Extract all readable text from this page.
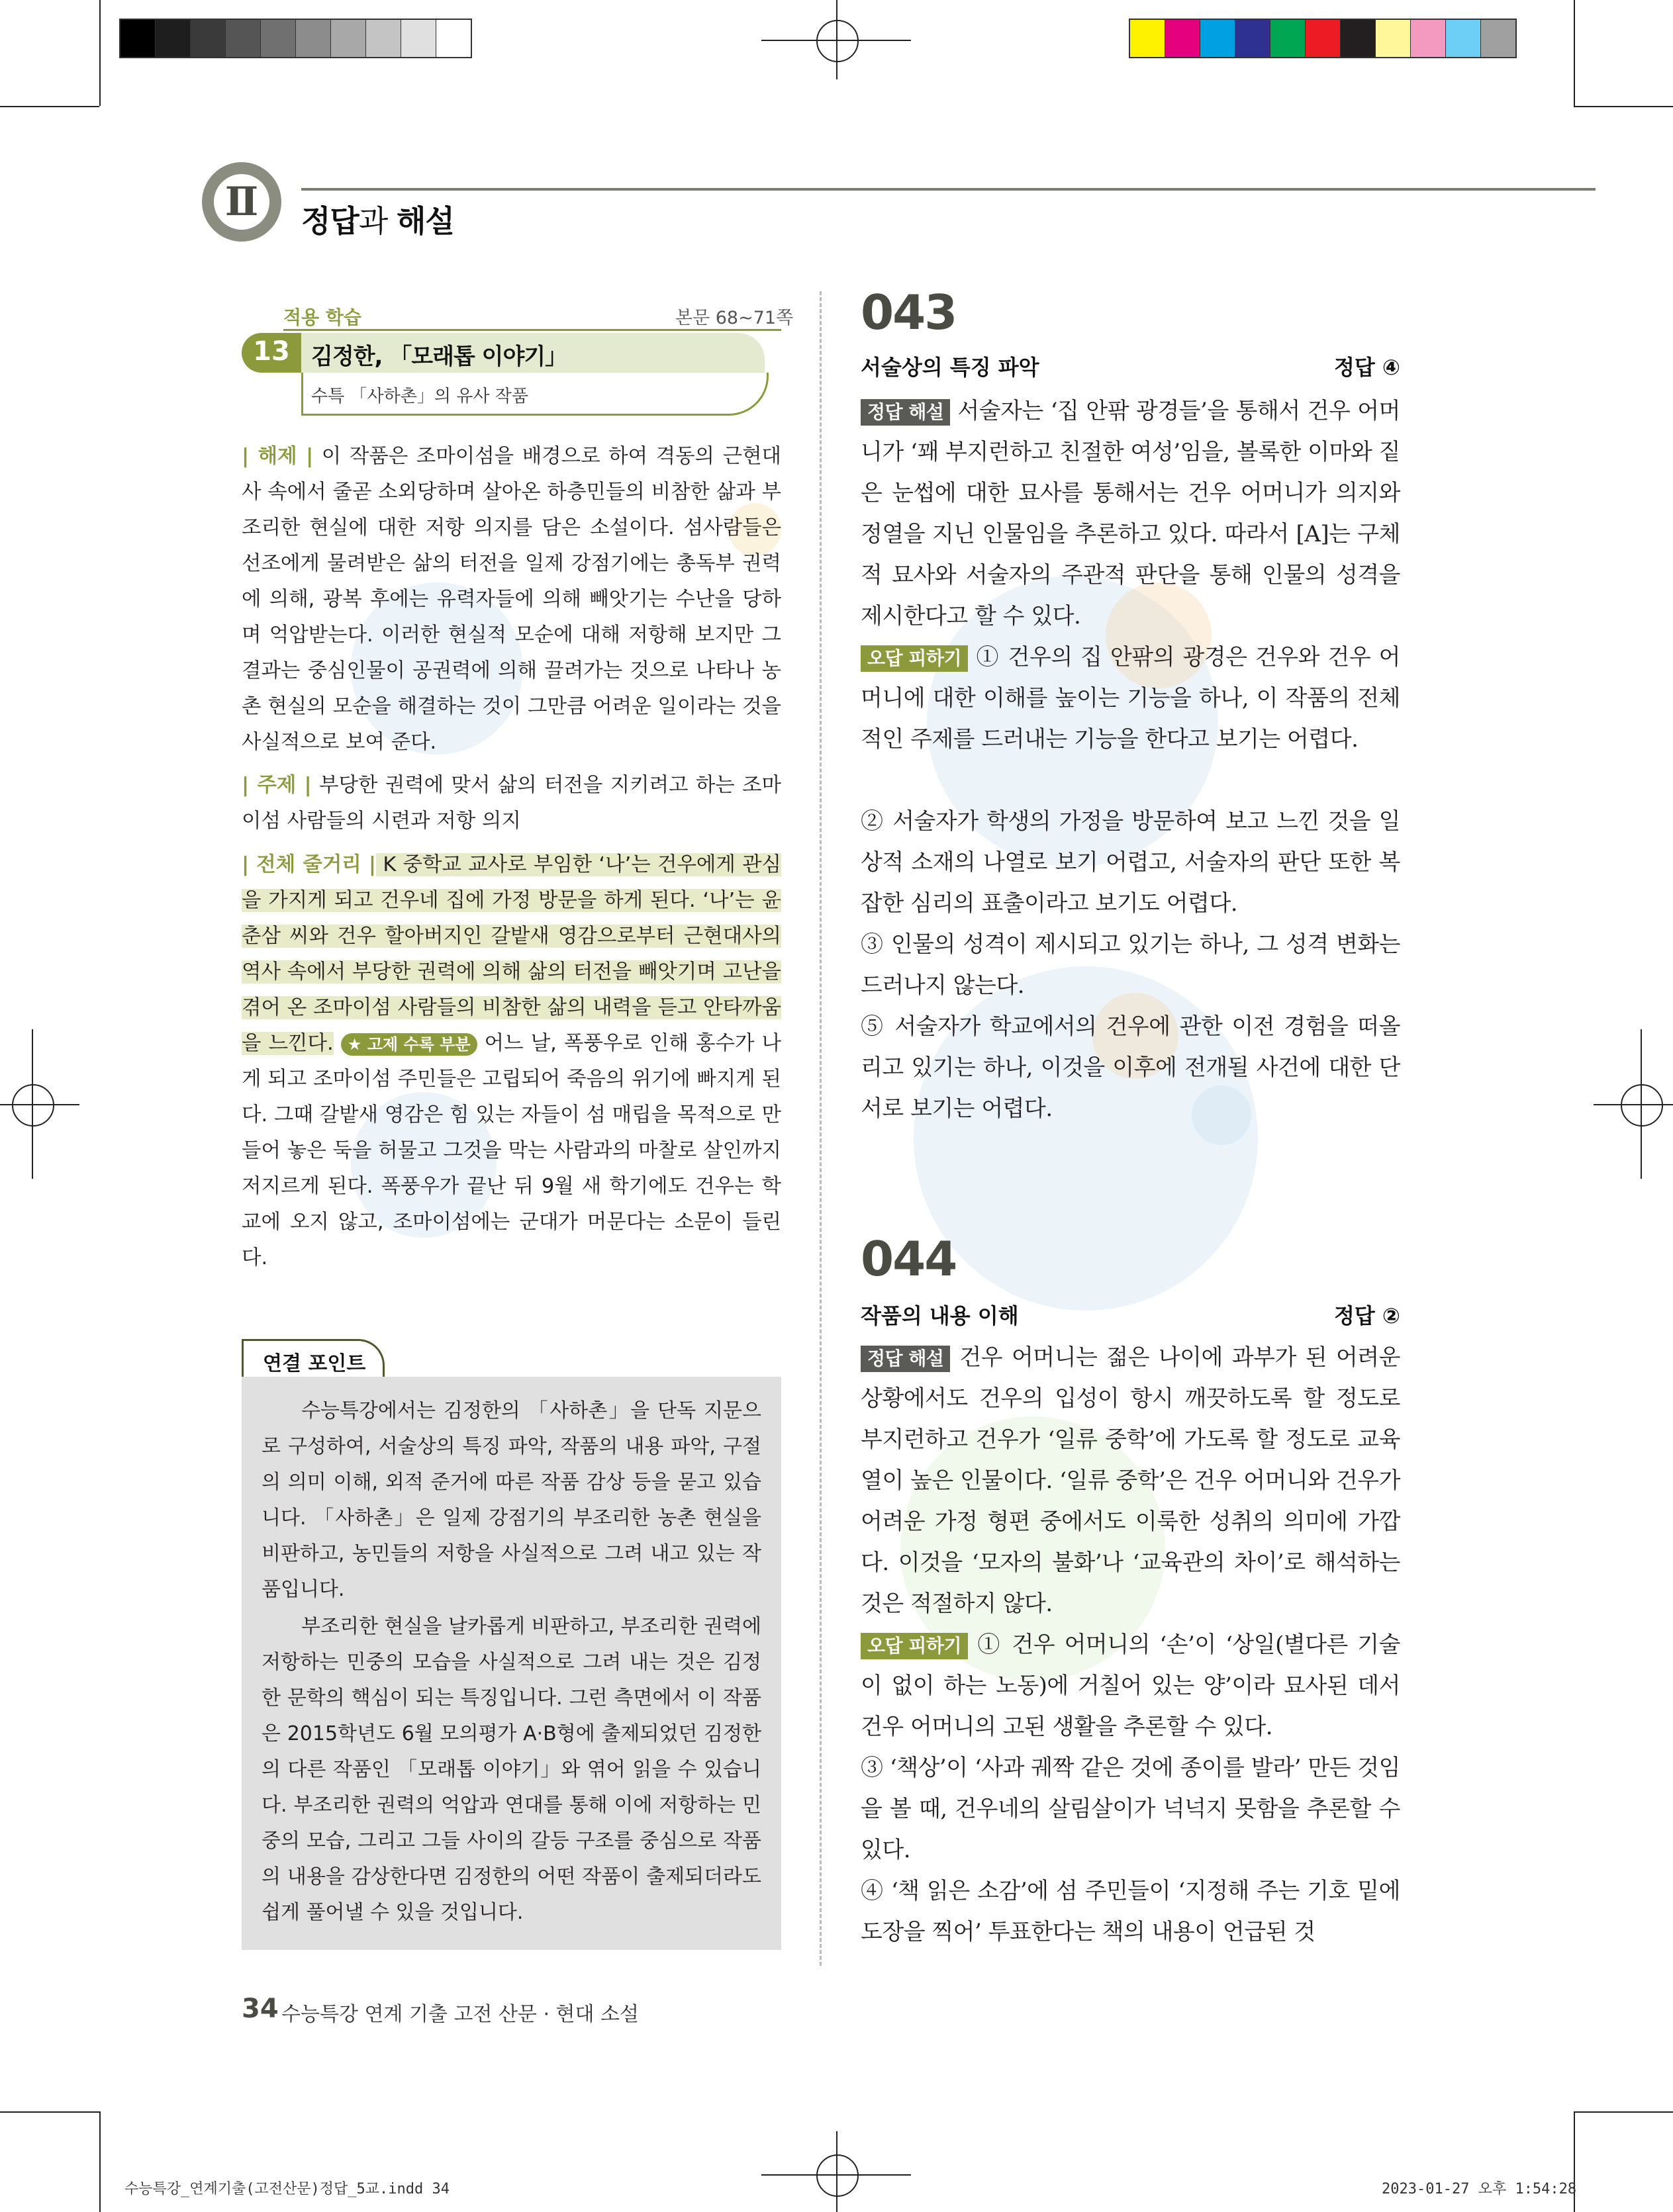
Ⅱ	정답과 해설
적용 학습	본문 68∼71쪽
13 김정한, 「모래톱 이야기」
수특 「사하촌」의 유사 작품
| 해제 | 이 작품은 조마이섬을 배경으로 하여 격동의 근현대사 속에서 줄곧 소외당하며 살아온 하층민들의 비참한 삶과 부조리한 현실에 대한 저항 의지를 담은 소설이다. 섬사람들은 선조에게 물려받은 삶의 터전을 일제 강점기에는 총독부 권력에 의해, 광복 후에는 유력자들에 의해 빼앗기는 수난을 당하며 억압받는다. 이러한 현실적 모순에 대해 저항해 보지만 그 결과는 중심인물이 공권력에 의해 끌려가는 것으로 나타나 농촌 현실의 모순을 해결하는 것이 그만큼 어려운 일이라는 것을 사실적으로 보여 준다.
| 주제 | 부당한 권력에 맞서 삶의 터전을 지키려고 하는 조마이섬 사람들의 시련과 저항 의지
| 전체 줄거리 | K 중학교 교사로 부임한 ‘나’는 건우에게 관심을 가지게 되고 건우네 집에 가정 방문을 하게 된다. ‘나’는 윤춘삼 씨와 건우 할아버지인 갈밭새 영감으로부터 근현대사의 역사 속에서 부당한 권력에 의해 삶의 터전을 빼앗기며 고난을 겪어 온 조마이섬 사람들의 비참한 삶의 내력을 듣고 안타까움을 느낀다. ★ 고제 수록 부분 어느 날, 폭풍우로 인해 홍수가 나게 되고 조마이섬 주민들은 고립되어 죽음의 위기에 빠지게 된다. 그때 갈밭새 영감은 힘 있는 자들이 섬 매립을 목적으로 만들어 놓은 둑을 허물고 그것을 막는 사람과의 마찰로 살인까지 저지르게 된다. 폭풍우가 끝난 뒤 9월 새 학기에도 건우는 학교에 오지 않고, 조마이섬에는 군대가 머문다는 소문이 들린다.
연결 포인트
수능특강에서는 김정한의 「사하촌」을 단독 지문으로 구성하여, 서술상의 특징 파악, 작품의 내용 파악, 구절의 의미 이해, 외적 준거에 따른 작품 감상 등을 묻고 있습니다. 「사하촌」은 일제 강점기의 부조리한 농촌 현실을 비판하고, 농민들의 저항을 사실적으로 그려 내고 있는 작품입니다.
부조리한 현실을 날카롭게 비판하고, 부조리한 권력에 저항하는 민중의 모습을 사실적으로 그려 내는 것은 김정한 문학의 핵심이 되는 특징입니다. 그런 측면에서 이 작품은 2015학년도 6월 모의평가 A·B형에 출제되었던 김정한의 다른 작품인 「모래톱 이야기」와 엮어 읽을 수 있습니다. 부조리한 권력의 억압과 연대를 통해 이에 저항하는 민중의 모습, 그리고 그들 사이의 갈등 구조를 중심으로 작품의 내용을 감상한다면 김정한의 어떤 작품이 출제되더라도 쉽게 풀어낼 수 있을 것입니다.
34 수능특강 연계 기출 고전 산문 · 현대 소설
043
서술상의 특징 파악	정답 ④
정답 해설 서술자는 ‘집 안팎 광경들’을 통해서 건우 어머니가 ‘꽤 부지런하고 친절한 여성’임을, 볼록한 이마와 짙은 눈썹에 대한 묘사를 통해서는 건우 어머니가 의지와 정열을 지닌 인물임을 추론하고 있다. 따라서 [A]는 구체적 묘사와 서술자의 주관적 판단을 통해 인물의 성격을 제시한다고 할 수 있다.
오답 피하기 ① 건우의 집 안팎의 광경은 건우와 건우 어머니에 대한 이해를 높이는 기능을 하나, 이 작품의 전체적인 주제를 드러내는 기능을 한다고 보기는 어렵다.
② 서술자가 학생의 가정을 방문하여 보고 느낀 것을 일상적 소재의 나열로 보기 어렵고, 서술자의 판단 또한 복잡한 심리의 표출이라고 보기도 어렵다.
③ 인물의 성격이 제시되고 있기는 하나, 그 성격 변화는 드러나지 않는다.
⑤ 서술자가 학교에서의 건우에 관한 이전 경험을 떠올리고 있기는 하나, 이것을 이후에 전개될 사건에 대한 단서로 보기는 어렵다.
044
작품의 내용 이해	정답 ②
정답 해설 건우 어머니는 젊은 나이에 과부가 된 어려운 상황에서도 건우의 입성이 항시 깨끗하도록 할 정도로 부지런하고 건우가 ‘일류 중학’에 가도록 할 정도로 교육열이 높은 인물이다. ‘일류 중학’은 건우 어머니와 건우가 어려운 가정 형편 중에서도 이룩한 성취의 의미에 가깝다. 이것을 ‘모자의 불화’나 ‘교육관의 차이’로 해석하는 것은 적절하지 않다.
오답 피하기 ① 건우 어머니의 ‘손’이 ‘상일(별다른 기술이 없이 하는 노동)에 거칠어 있는 양’이라 묘사된 데서 건우 어머니의 고된 생활을 추론할 수 있다.
③ ‘책상’이 ‘사과 궤짝 같은 것에 종이를 발라’ 만든 것임을 볼 때, 건우네의 살림살이가 넉넉지 못함을 추론할 수 있다.
④ ‘책 읽은 소감’에 섬 주민들이 ‘지정해 주는 기호 밑에 도장을 찍어’ 투표한다는 책의 내용이 언급된 것
수능특강_연계기출(고전산문)정답_5교.indd 34	2023-01-27 오후 1:54:28
